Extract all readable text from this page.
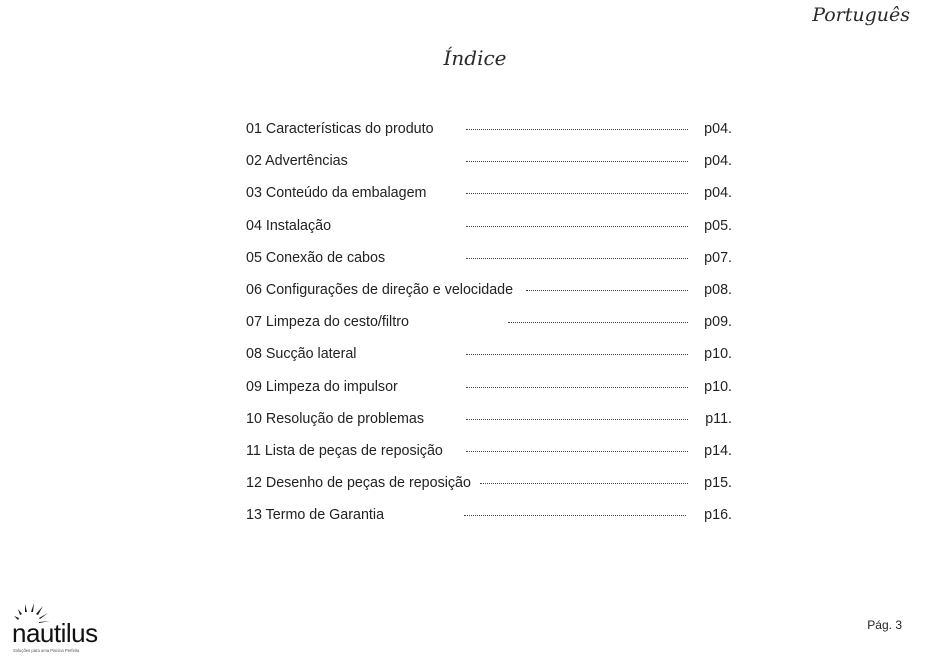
Português
Índice
01 Características do produto	p04.
02 Advertências	p04.
03 Conteúdo da embalagem	p04.
04 Instalação	p05.
05 Conexão de cabos	p07.
06 Configurações de direção e velocidade	p08.
07 Limpeza do cesto/filtro	p09.
08 Sucção lateral	p10.
09 Limpeza do impulsor	p10.
10 Resolução de problemas	p11.
11 Lista de peças de reposição	p14.
12 Desenho de peças de reposição	p15.
13 Termo de Garantia	p16.
nautilus
Soluções para uma Piscina Perfeita
Pág. 3
